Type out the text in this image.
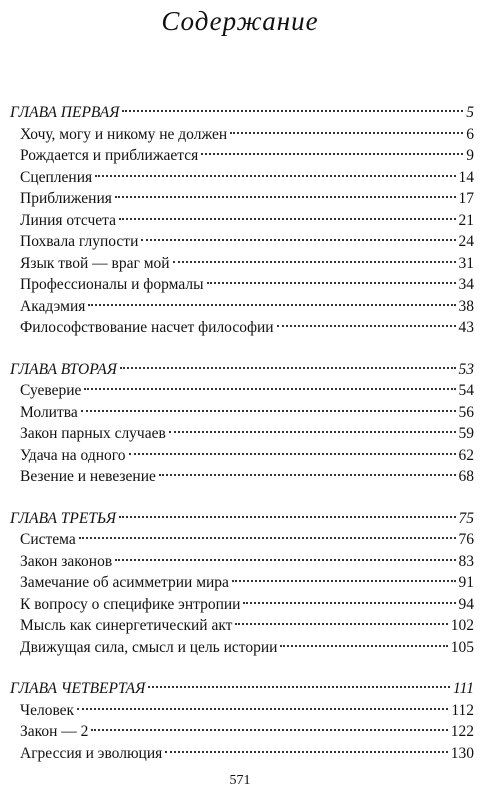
Содержание
ГЛАВА ПЕРВАЯ	5
Хочу, могу и никому не должен	6
Рождается и приближается	9
Сцепления	14
Приближения	17
Линия отсчета	21
Похвала глупости	24
Язык твой — враг мой	31
Профессионалы и формалы	34
Акадэмия	38
Философствование насчет философии	43
ГЛАВА ВТОРАЯ	53
Суеверие	54
Молитва	56
Закон парных случаев	59
Удача на одного	62
Везение и невезение	68
ГЛАВА ТРЕТЬЯ	75
Система	76
Закон законов	83
Замечание об асимметрии мира	91
К вопросу о специфике энтропии	94
Мысль как синергетический акт	102
Движущая сила, смысл и цель истории	105
ГЛАВА ЧЕТВЕРТАЯ	111
Человек	112
Закон — 2	122
Агрессия и эволюция	130
571
